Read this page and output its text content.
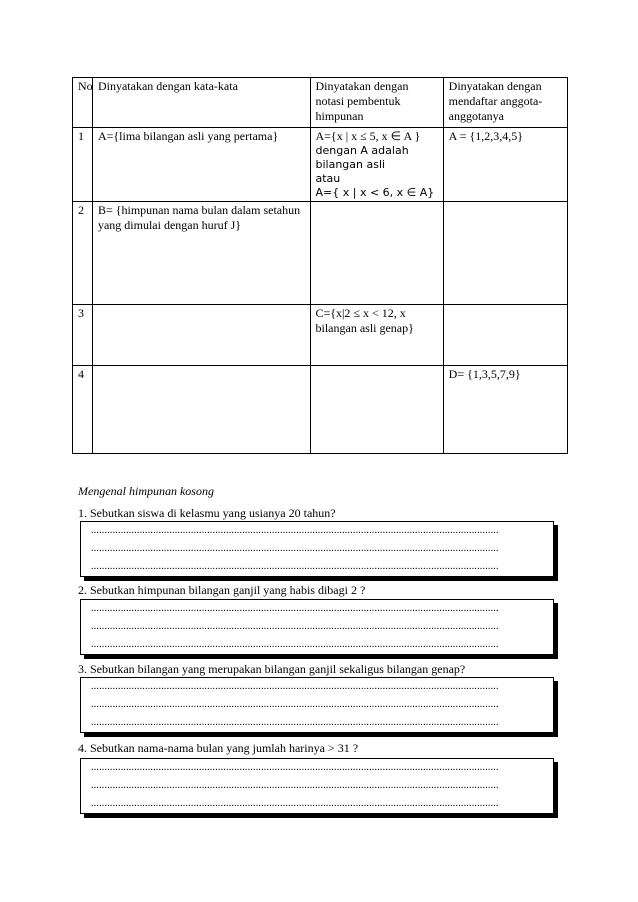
No	Dinyatakan dengan kata-kata	Dinyatakan dengan notasi pembentuk himpunan	Dinyatakan dengan mendaftar anggota-anggotanya
1	A={lima bilangan asli yang pertama}	A={x | x ≤ 5, x ∈ A }
dengan A adalah
bilangan asli
atau
A={ x | x < 6, x ∈ A}	A = {1,2,3,4,5}
2	B= {himpunan nama bulan dalam setahun yang dimulai dengan huruf J}		
3		C={x|2 ≤ x < 12, x bilangan asli genap}	
4			D= {1,3,5,7,9}
Mengenal himpunan kosong
1. Sebutkan siswa di kelasmu yang usianya 20 tahun?
.......................................................................................................................................................
.......................................................................................................................................................
.......................................................................................................................................................
2. Sebutkan himpunan bilangan ganjil yang habis dibagi 2 ?
.......................................................................................................................................................
.......................................................................................................................................................
.......................................................................................................................................................
3. Sebutkan bilangan yang merupakan bilangan ganjil sekaligus bilangan genap?
.......................................................................................................................................................
.......................................................................................................................................................
.......................................................................................................................................................
4. Sebutkan nama-nama bulan yang jumlah harinya > 31 ?
.......................................................................................................................................................
.......................................................................................................................................................
.......................................................................................................................................................
